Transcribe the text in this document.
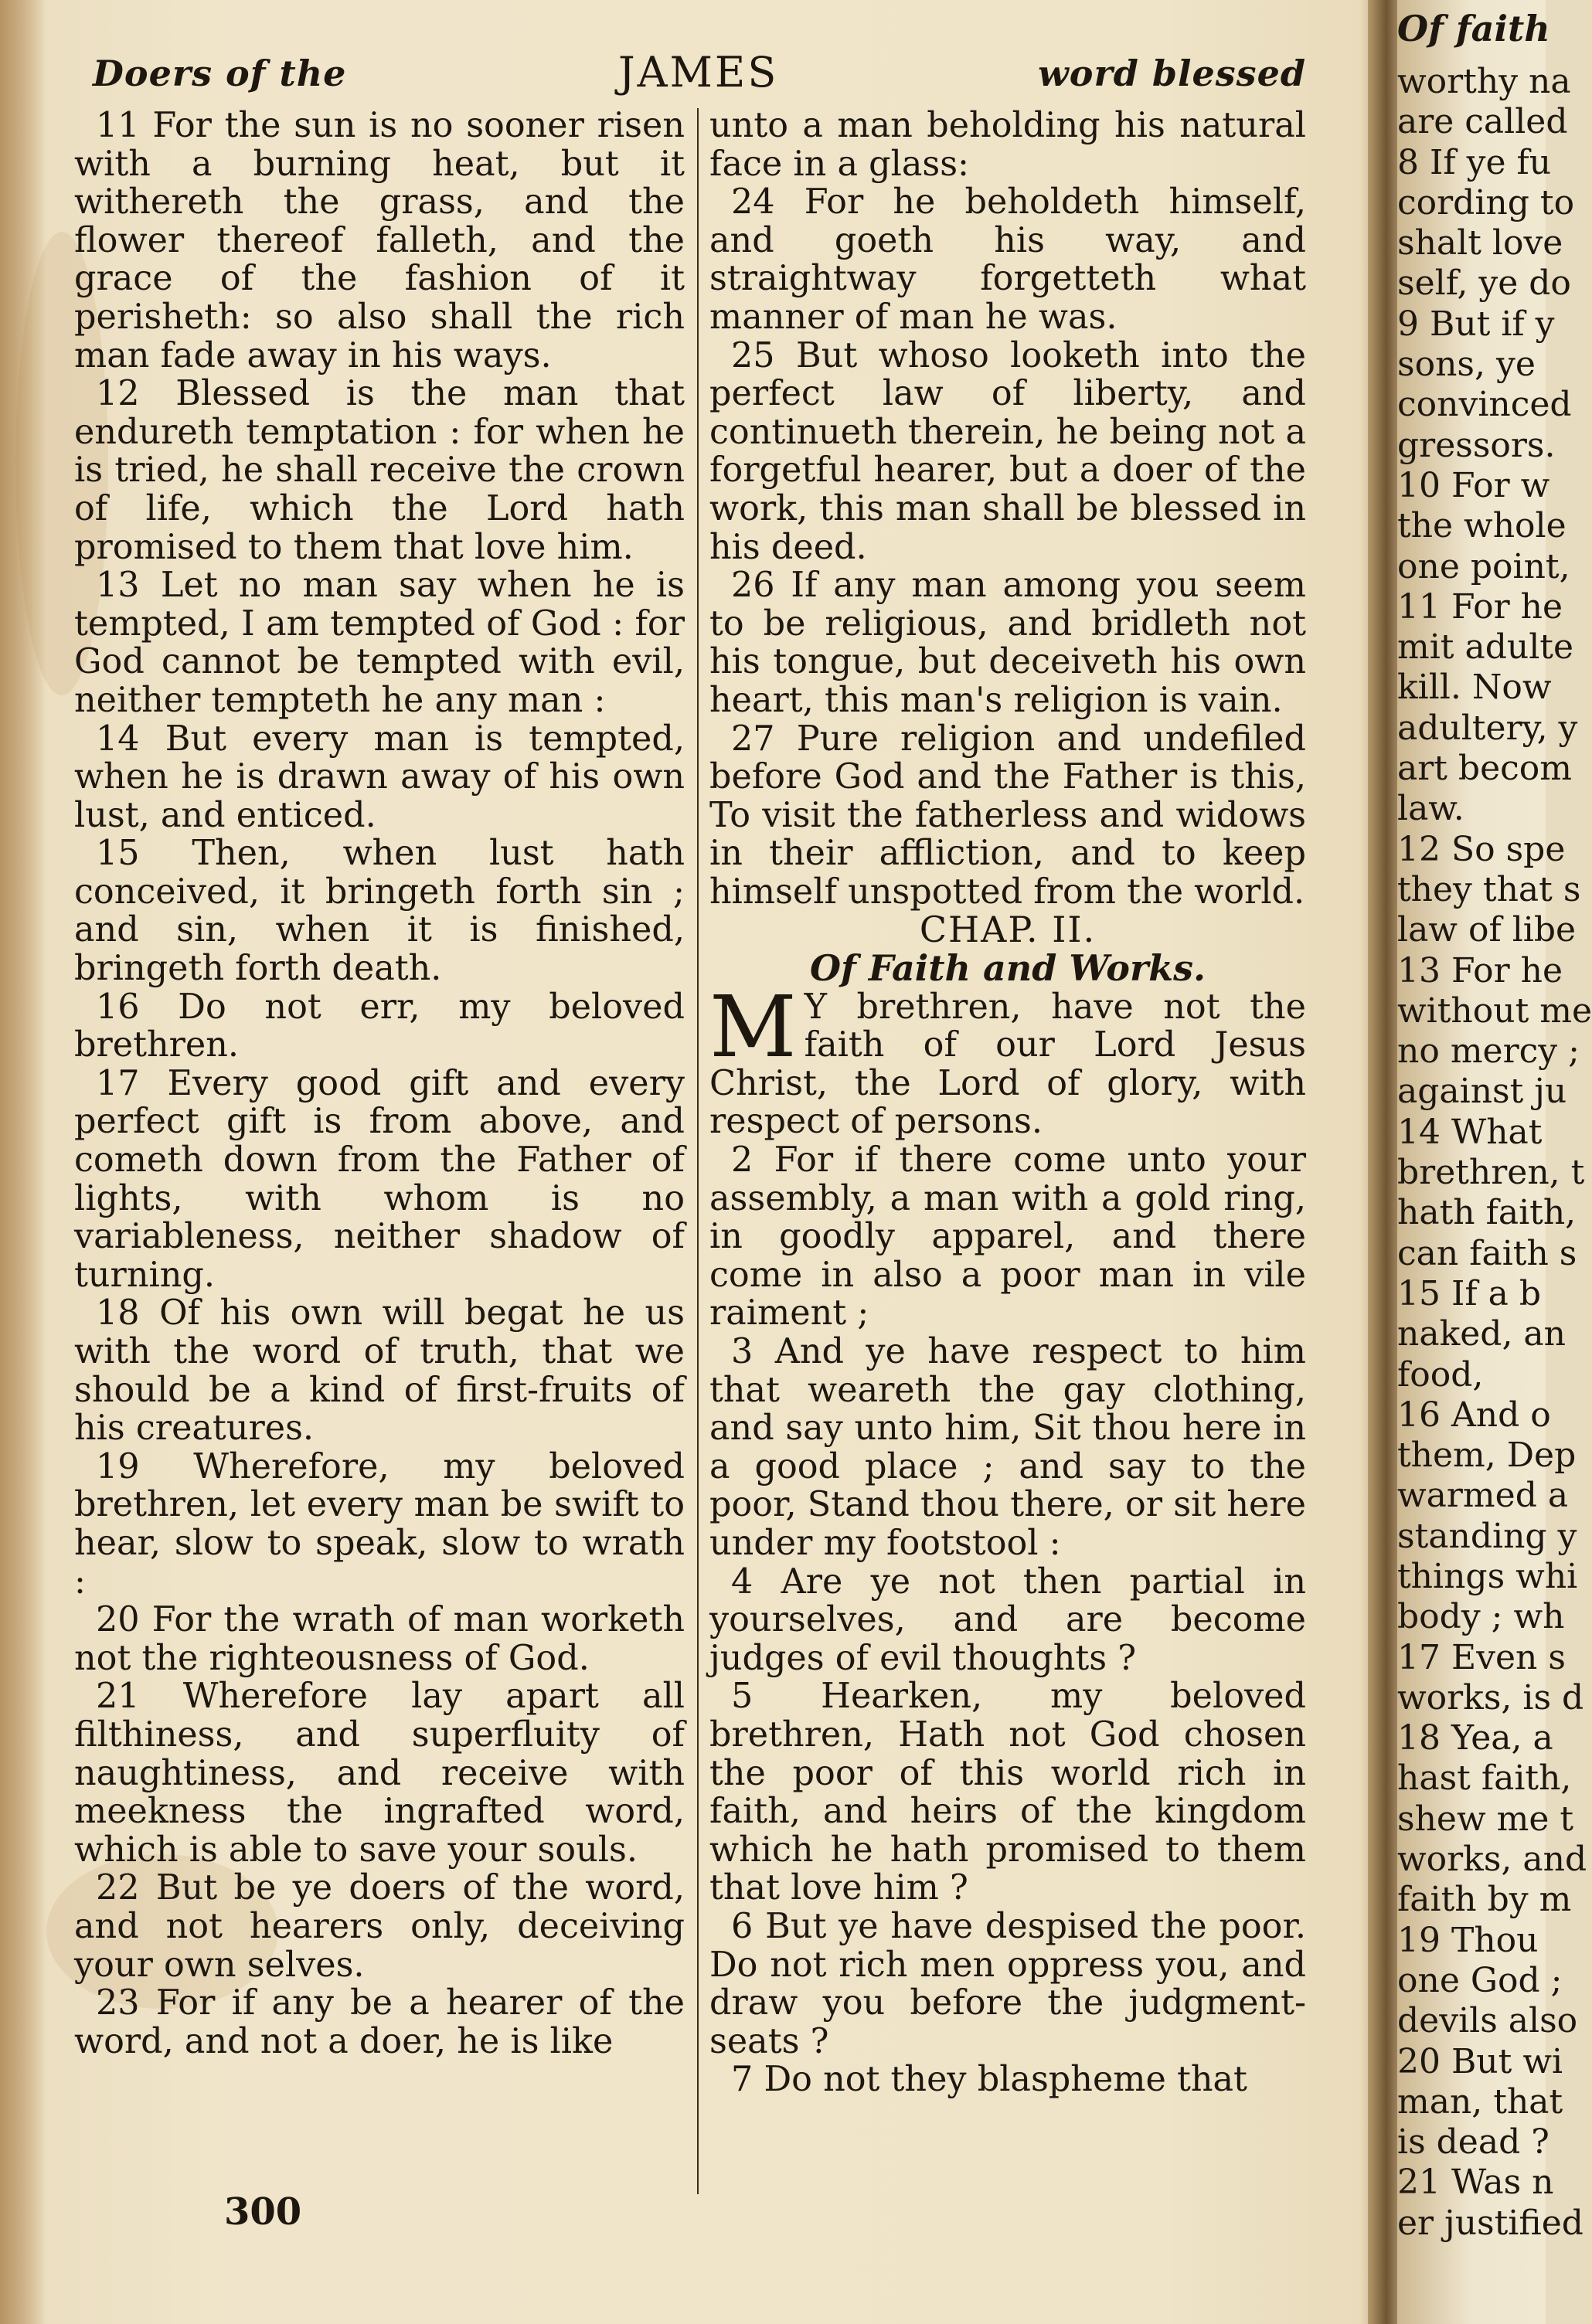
Doers of the	JAMES	word blessed

11 For the sun is no sooner risen with a burning heat, but it withereth the grass, and the flower thereof falleth, and the grace of the fashion of it perisheth: so also shall the rich man fade away in his ways.

12 Blessed is the man that endureth temptation : for when he is tried, he shall receive the crown of life, which the Lord hath promised to them that love him.

13 Let no man say when he is tempted, I am tempted of God : for God cannot be tempted with evil, neither tempteth he any man :

14 But every man is tempted, when he is drawn away of his own lust, and enticed.

15 Then, when lust hath conceived, it bringeth forth sin ; and sin, when it is finished, bringeth forth death.

16 Do not err, my beloved brethren.

17 Every good gift and every perfect gift is from above, and cometh down from the Father of lights, with whom is no variableness, neither shadow of turning.

18 Of his own will begat he us with the word of truth, that we should be a kind of first-fruits of his creatures.

19 Wherefore, my beloved brethren, let every man be swift to hear, slow to speak, slow to wrath :

20 For the wrath of man worketh not the righteousness of God.

21 Wherefore lay apart all filthiness, and superfluity of naughtiness, and receive with meekness the ingrafted word, which is able to save your souls.

22 But be ye doers of the word, and not hearers only, deceiving your own selves.

23 For if any be a hearer of the word, and not a doer, he is like

unto a man beholding his natural face in a glass:

24 For he beholdeth himself, and goeth his way, and straightway forgetteth what manner of man he was.

25 But whoso looketh into the perfect law of liberty, and continueth therein, he being not a forgetful hearer, but a doer of the work, this man shall be blessed in his deed.

26 If any man among you seem to be religious, and bridleth not his tongue, but deceiveth his own heart, this man's religion is vain.

27 Pure religion and undefiled before God and the Father is this, To visit the fatherless and widows in their affliction, and to keep himself unspotted from the world.

CHAP. II.

Of Faith and Works.

M Y brethren, have not the faith of our Lord Jesus Christ, the Lord of glory, with respect of persons.

2 For if there come unto your assembly, a man with a gold ring, in goodly apparel, and there come in also a poor man in vile raiment ;

3 And ye have respect to him that weareth the gay clothing, and say unto him, Sit thou here in a good place ; and say to the poor, Stand thou there, or sit here under my footstool :

4 Are ye not then partial in yourselves, and are become judges of evil thoughts ?

5 Hearken, my beloved brethren, Hath not God chosen the poor of this world rich in faith, and heirs of the kingdom which he hath promised to them that love him ?

6 But ye have despised the poor. Do not rich men oppress you, and draw you before the judgment-seats ?

7 Do not they blaspheme that

300
Of faith
worthy na
are called
8 If ye fu
cording to
shalt love
self, ye do
9 But if y
sons, ye
convinced
gressors.
10 For w
the whole
one point,
11 For he
mit adulte
kill. Now
adultery, y
art becom
law.
12 So spe
they that s
law of libe
13 For he
without me
no mercy ;
against ju
14 What
brethren, t
hath faith,
can faith s
15 If a b
naked, an
food,
16 And o
them, Dep
warmed a
standing y
things whi
body ; wh
17 Even s
works, is d
18 Yea, a
hast faith,
shew me t
works, and
faith by m
19 Thou
one God ;
devils also
20 But wi
man, that
is dead ?
21 Was n
er justified
